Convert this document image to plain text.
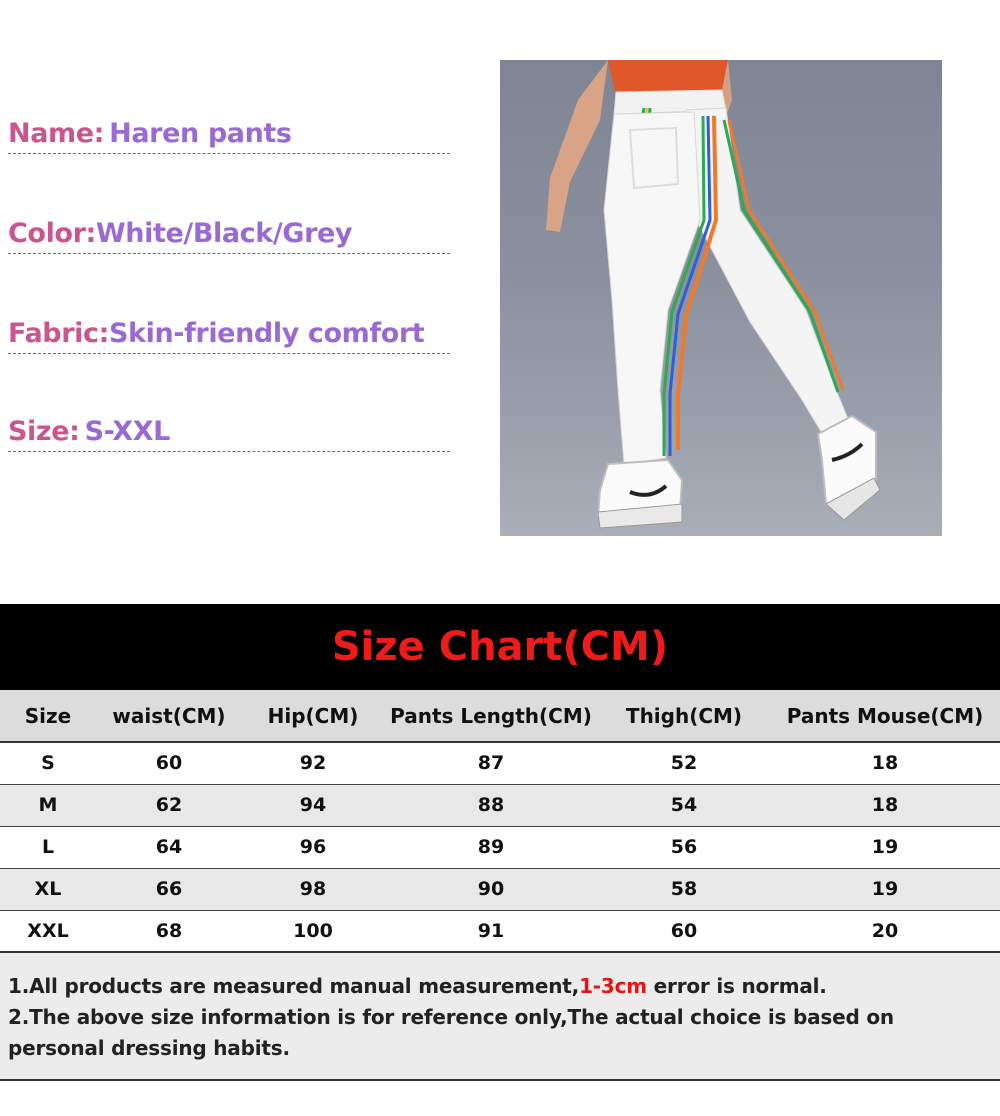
Name: Haren pants
Color:White/Black/Grey
Fabric:Skin-friendly comfort
Size: S-XXL
Size Chart(CM)
Size	waist(CM)	Hip(CM)	Pants Length(CM)	Thigh(CM)	Pants Mouse(CM)
S	60	92	87	52	18
M	62	94	88	54	18
L	64	96	89	56	19
XL	66	98	90	58	19
XXL	68	100	91	60	20

1.All products are measured manual measurement,1-3cm error is normal.

2.The above size information is for reference only,The actual choice is based on personal dressing habits.
